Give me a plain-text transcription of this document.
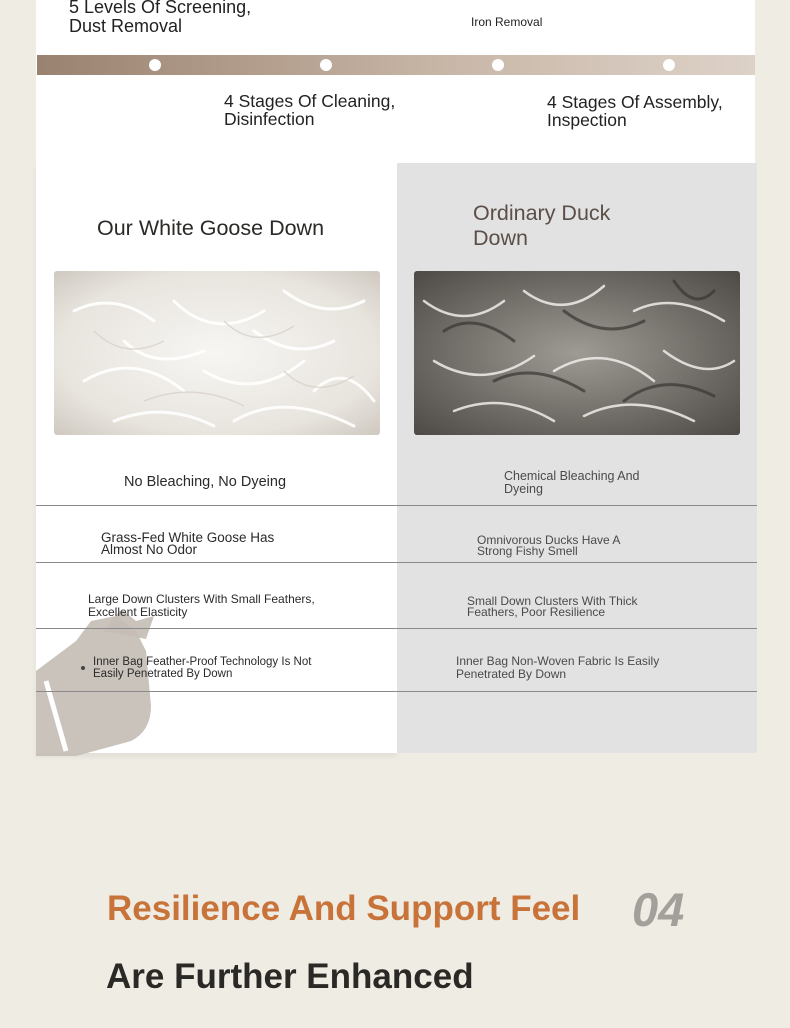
5 Levels Of Screening, Dust Removal	Iron Removal
4 Stages Of Cleaning, Disinfection
4 Stages Of Assembly, Inspection
Our White Goose Down
Ordinary Duck Down
No Bleaching, No Dyeing	Chemical Bleaching And Dyeing
Grass-Fed White Goose Has Almost No Odor
Omnivorous Ducks Have A Strong Fishy Smell
Large Down Clusters With Small Feathers, Excellent Elasticity
Small Down Clusters With Thick Feathers, Poor Resilience
Inner Bag Feather-Proof Technology Is Not Easily Penetrated By Down
Inner Bag Non-Woven Fabric Is Easily Penetrated By Down
Resilience And Support Feel 04
Are Further Enhanced
